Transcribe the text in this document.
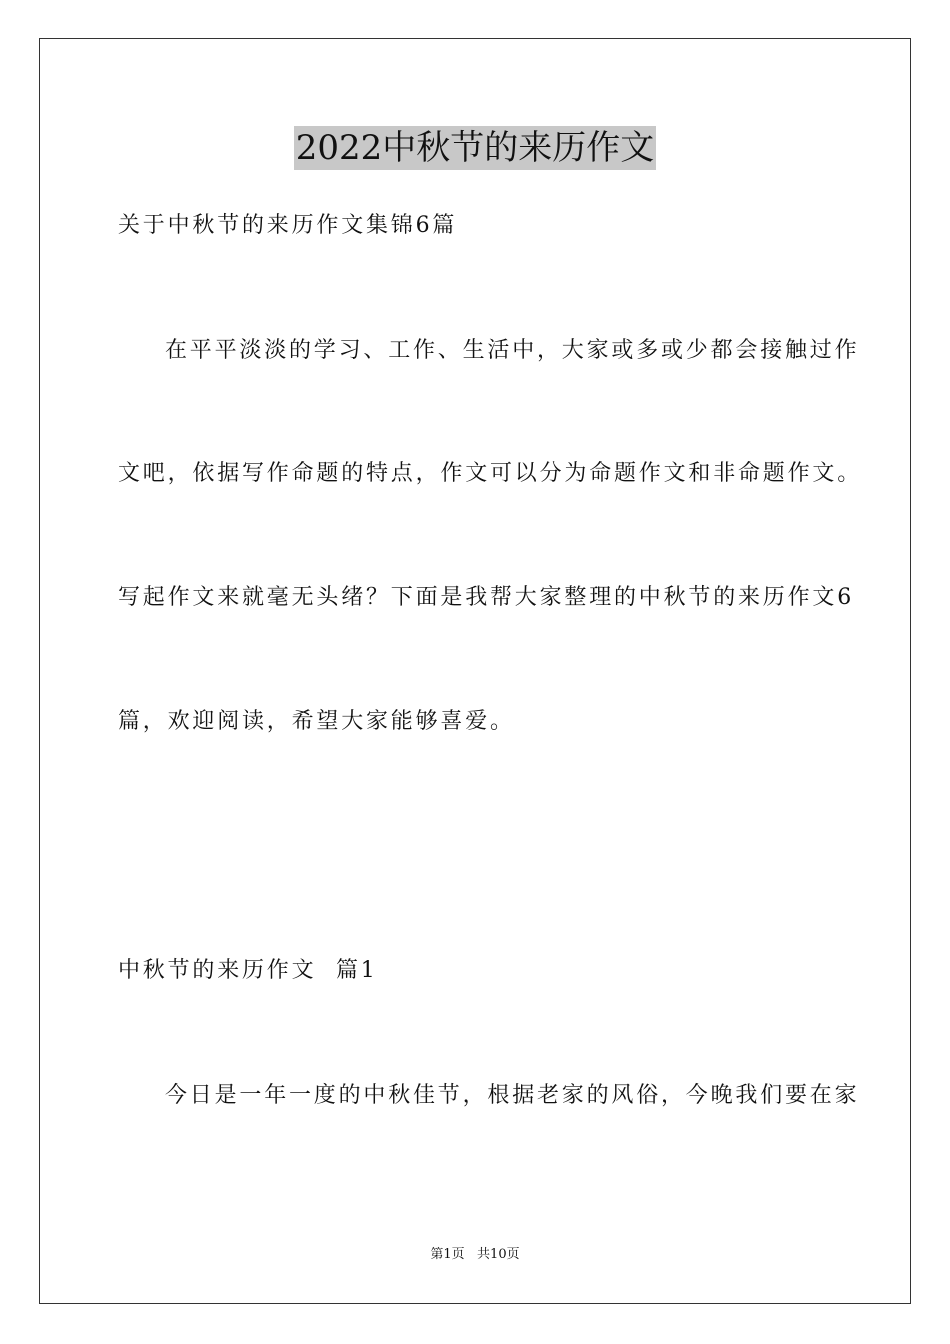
2022中秋节的来历作文
关于中秋节的来历作文集锦6篇
在平平淡淡的学习、工作、生活中，大家或多或少都会接触过作
文吧，依据写作命题的特点，作文可以分为命题作文和非命题作文。
写起作文来就毫无头绪？下面是我帮大家整理的中秋节的来历作文6
篇，欢迎阅读，希望大家能够喜爱。
中秋节的来历作文  篇1
今日是一年一度的中秋佳节，根据老家的风俗，今晚我们要在家
第1页   共10页
